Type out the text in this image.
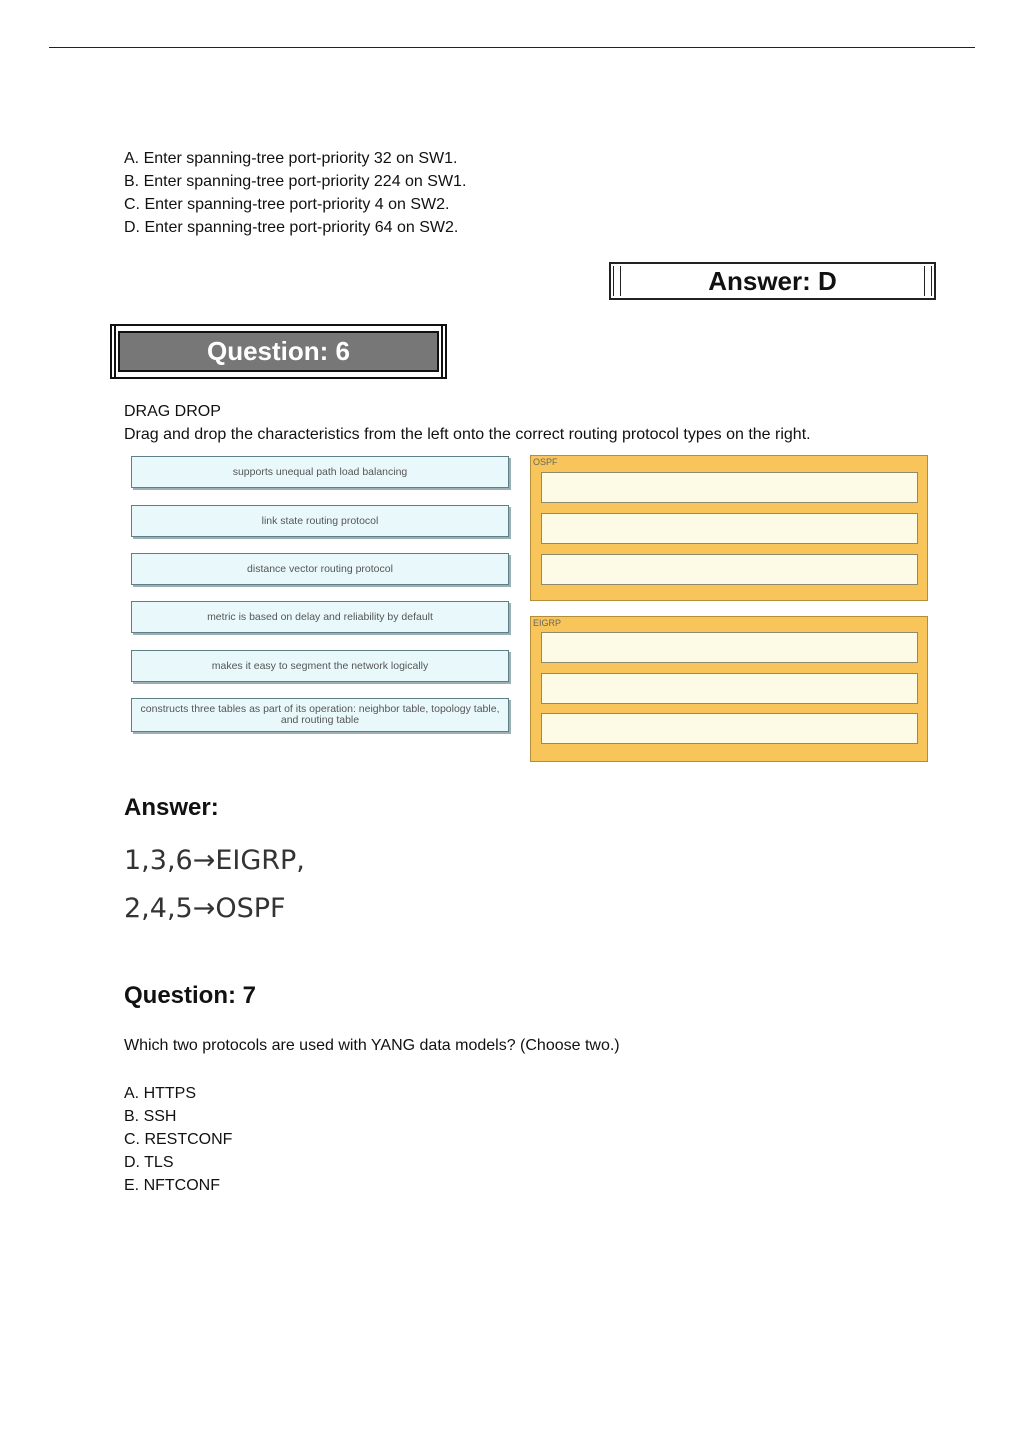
A. Enter spanning-tree port-priority 32 on SW1.
B. Enter spanning-tree port-priority 224 on SW1.
C. Enter spanning-tree port-priority 4 on SW2.
D. Enter spanning-tree port-priority 64 on SW2.
Answer: D
Question: 6
DRAG DROP
Drag and drop the characteristics from the left onto the correct routing protocol types on the right.
supports unequal path load balancing
link state routing protocol
distance vector routing protocol
metric is based on delay and reliability by default
makes it easy to segment the network logically
constructs three tables as part of its operation: neighbor table, topology table, and routing table
OSPF
EIGRP
Answer:
1,3,6→EIGRP,
2,4,5→OSPF
Question: 7
Which two protocols are used with YANG data models? (Choose two.)
A. HTTPS
B. SSH
C. RESTCONF
D. TLS
E. NFTCONF
